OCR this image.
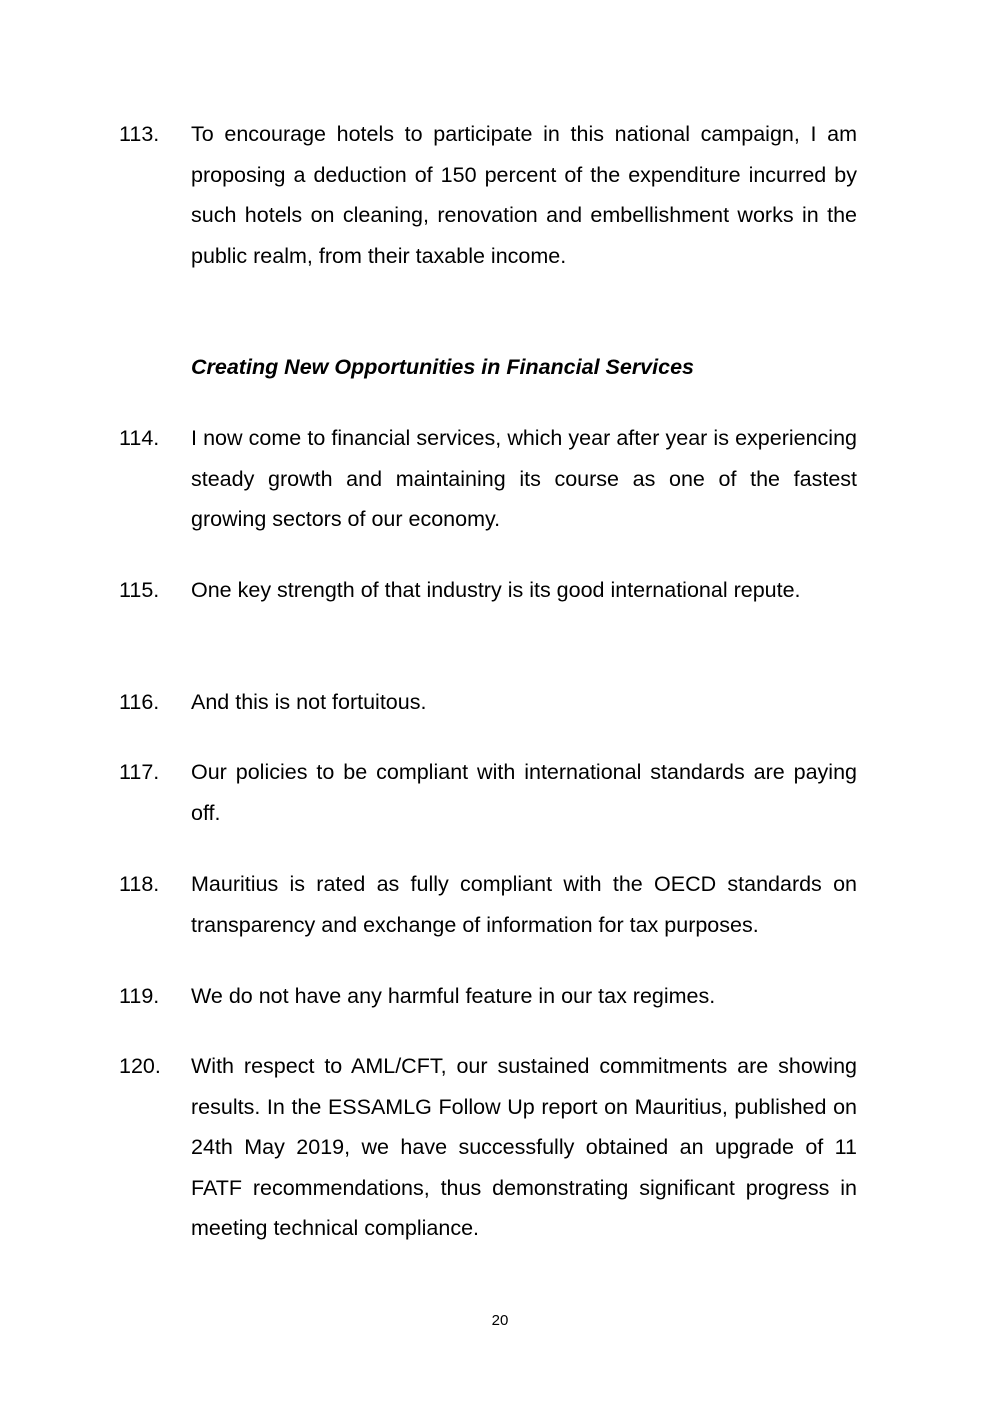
113.	To encourage hotels to participate in this national campaign, I am proposing a deduction of 150 percent of the expenditure incurred by such hotels on cleaning, renovation and embellishment works in the public realm, from their taxable income.
Creating New Opportunities in Financial Services
114.	I now come to financial services, which year after year is experiencing steady growth and maintaining its course as one of the fastest growing sectors of our economy.
115.	One key strength of that industry is its good international repute.
116.	And this is not fortuitous.
117.	Our policies to be compliant with international standards are paying off.
118.	Mauritius is rated as fully compliant with the OECD standards on transparency and exchange of information for tax purposes.
119.	We do not have any harmful feature in our tax regimes.
120.	With respect to AML/CFT, our sustained commitments are showing results. In the ESSAMLG Follow Up report on Mauritius, published on 24th May 2019, we have successfully obtained an upgrade of 11 FATF recommendations, thus demonstrating significant progress in meeting technical compliance.
20
